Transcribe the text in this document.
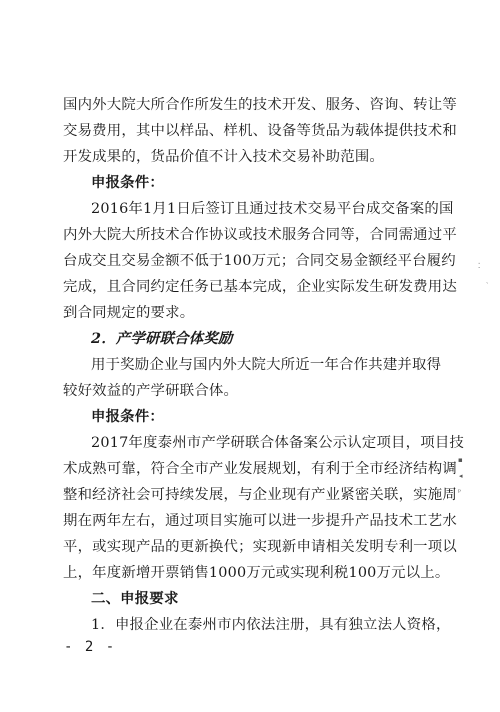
国内外大院大所合作所发生的技术开发、服务、咨询、转让等
交易费用，其中以样品、样机、设备等货品为载体提供技术和
开发成果的，货品价值不计入技术交易补助范围。
申报条件：
2016年1月1日后签订且通过技术交易平台成交备案的国
内外大院大所技术合作协议或技术服务合同等，合同需通过平
台成交且交易金额不低于100万元；合同交易金额经平台履约
完成，且合同约定任务已基本完成，企业实际发生研发费用达
到合同规定的要求。
2．产学研联合体奖励
用于奖励企业与国内外大院大所近一年合作共建并取得
较好效益的产学研联合体。
申报条件：
2017年度泰州市产学研联合体备案公示认定项目，项目技
术成熟可靠，符合全市产业发展规划，有利于全市经济结构调
整和经济社会可持续发展，与企业现有产业紧密关联，实施周
期在两年左右，通过项目实施可以进一步提升产品技术工艺水
平，或实现产品的更新换代；实现新申请相关发明专利一项以
上，年度新增开票销售1000万元或实现利税100万元以上。
二、申报要求
1．申报企业在泰州市内依法注册，具有独立法人资格，
- 2 -
⁚
ˎ
▪
◂
ᵖ
